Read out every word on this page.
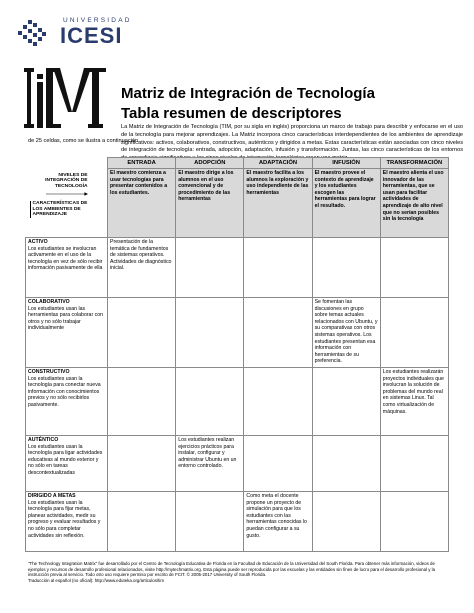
UNIVERSIDAD
ICESI
Matriz de Integración de Tecnología
Tabla resumen de descriptores
La Matriz de Integración de Tecnología (TIM, por su sigla en inglés) proporciona un marco de trabajo para describir y enfocarse en el uso de la tecnología para mejorar aprendizajes. La Matriz incorpora cinco características interdependientes de los ambientes de aprendizaje significativos: activos, colaborativos, constructivos, auténticos y dirigidos a metas. Estas características están asociadas con cinco niveles de integración de tecnología: entrada, adopción, adaptación, infusión y transformación. Juntas, las cinco características de los entornos
de 25 celdas, como se ilustra a continuación.
	ENTRADA	ADOPCIÓN	ADAPTACIÓN	INFUSIÓN	TRANSFORMACIÓN

NIVELES DE INTEGRACIÓN DE TECNOLOGÍA
CARACTERÍSTICAS DE LOS AMBIENTES DE APRENDIZAJE	El maestro comienza a usar tecnologías para presentar contenidos a los estudiantes.	El maestro dirige a los alumnos en el uso convencional y de procedimiento de las herramientas	El maestro facilita a los alumnos la exploración y uso independiente de las herramientas	El maestro provee el contexto de aprendizaje y los estudiantes escogen las herramientas para lograr el resultado.	El maestro alienta el uso innovador de las herramientas, que se usan para facilitar actividades de aprendizaje de alto nivel que no serían posibles sin la tecnología

ACTIVO
Los estudiantes se involucran activamente en el uso de la tecnología en vez de sólo recibir información pasivamente de ella	Presentación de la temática de fundamentos de sistemas operativos. Actividades de diagnóstico inicial.				

COLABORATIVO
Los estudiantes usan las herramientas para colaborar con otros y no sólo trabajar individualmente				Se fomentan las discusiones en grupo sobre temas actuales relacionados con Ubuntu, y su comparativas con otros sistemas operativos. Los estudiantes presentan esa información con herramientas de su preferencia.	

CONSTRUCTIVO
Los estudiantes usan la tecnología para conectar nueva información con conocimientos previos y no sólo recibirlos pasivamente.					Los estudiantes realizarán proyectos individuales que involucran la solución de problemas del mundo real en sistemas Linux. Tal como virtualización de máquinas.

AUTÉNTICO
Los estudiantes usan la tecnología para ligar actividades educativas al mundo exterior y no sólo en tareas descontextualizadas		Los estudiantes realizan ejercicios prácticos para instalar, configurar y administrar Ubuntu en un entorno controlado.			

DIRIGIDO A METAS
Los estudiantes usan la tecnología para fijar metas, planear actividades, medir su progreso y evaluar resultados y no sólo para completar actividades sin reflexión.			Como meta el docente propone un proyecto de simulación para que los estudiantes con las herramientas conocidas lo puedan configurar a su gusto.		
"The Technology Integration Matrix" fue desarrollado por el Centro de Tecnología Educativa de Florida en la Facultad de Educación de la Universidad del South Florida. Para obtener más información, videos de ejemplos y recursos de desarrollo profesional relacionados, visite http://mytechmatrix.org. Esta página puede ser reproducida por las escuelas y las entidades sin fines de lucro para el desarrollo profesional y la instrucción previa al servicio. Todo otro uso requiere permiso por escrito de FCIT. © 2005-2017 University of South Florida.
Traducción al español (no oficial): http://www.eduteka.org/articulos/tim
